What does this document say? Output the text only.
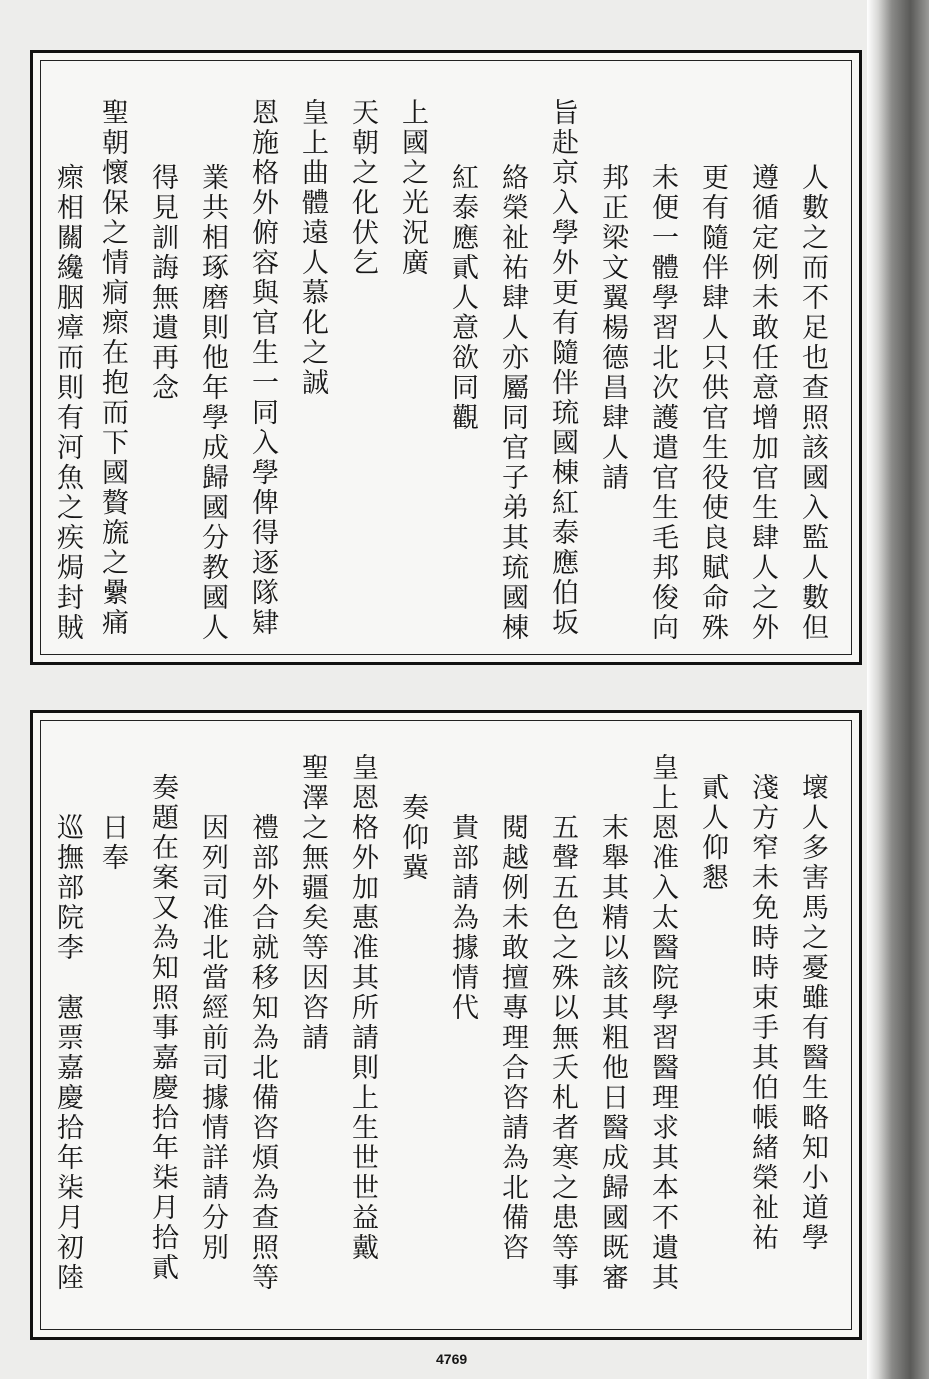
人數之而不足也查照該國入監人數但
遵循定例未敢任意增加官生肆人之外
更有隨伴肆人只供官生役使良賦命殊
未便一體學習北次護遣官生毛邦俊向
邦正梁文翼楊德昌肆人請
旨赴京入學外更有隨伴琉國棟紅泰應伯坂
絡榮祉祐肆人亦屬同官子弟其琉國棟
紅泰應貳人意欲同觀
上國之光況廣
天朝之化伏乞
皇上曲體遠人慕化之誠
恩施格外俯容與官生一同入學俾得逐隊肄
業共相琢磨則他年學成歸國分教國人
得見訓誨無遺再念
聖朝懷保之情痌瘝在抱而下國贅旒之纍痛
瘝相關纔胭瘴而則有河魚之疾焗封賊
壞人多害馬之憂雖有醫生略知小道學
淺方窄未免時時束手其伯帳緒榮祉祐
貳人仰懇
皇上恩准入太醫院學習醫理求其本不遺其
末舉其精以該其粗他日醫成歸國既審
五聲五色之殊以無夭札者寒之患等事
閱越例未敢擅專理合咨請為北備咨
貴部請為據情代
奏仰冀
皇恩格外加惠准其所請則上生世世益戴
聖澤之無疆矣等因咨請
禮部外合就移知為北備咨煩為查照等
因列司准北當經前司據情詳請分別
奏題在案又為知照事嘉慶拾年柒月拾貳
日奉
巡撫部院李　憲票嘉慶拾年柒月初陸
4769
